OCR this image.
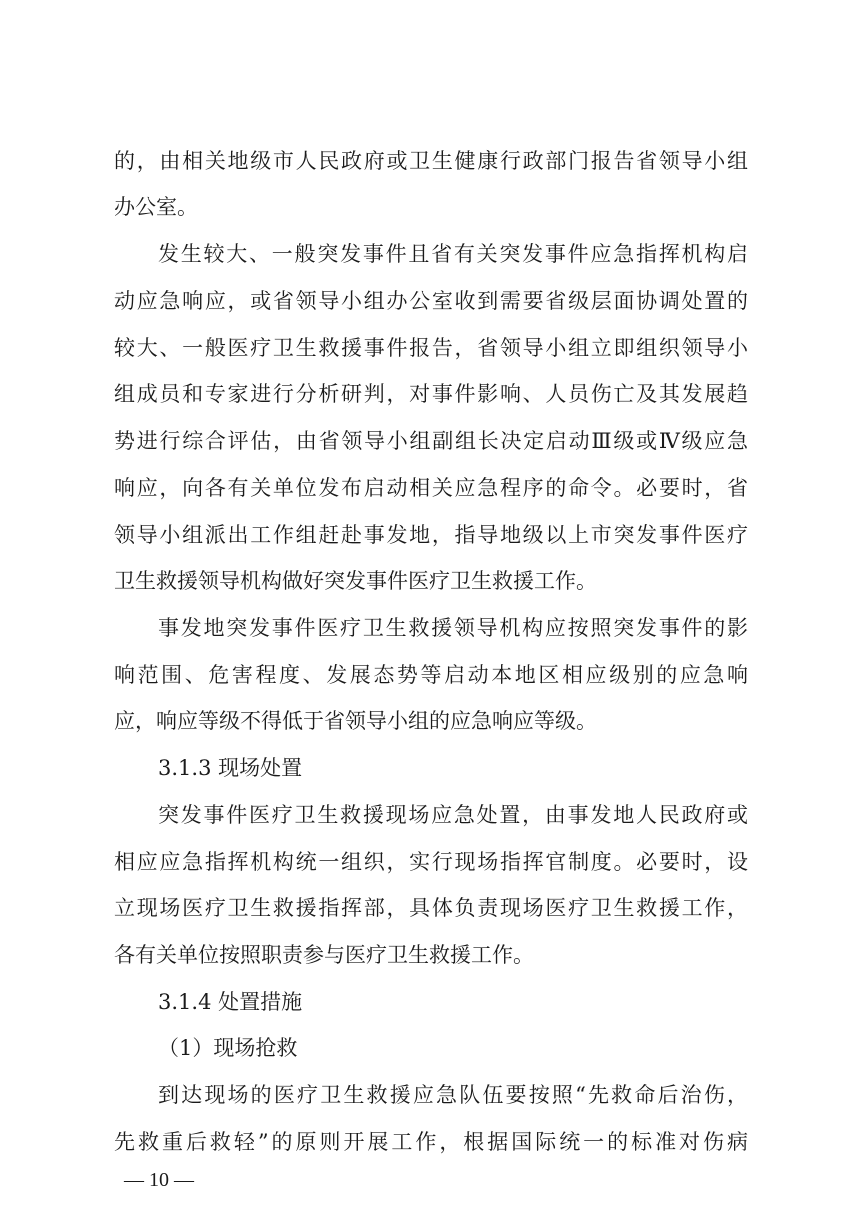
的，由相关地级市人民政府或卫生健康行政部门报告省领导小组
办公室。
发生较大、一般突发事件且省有关突发事件应急指挥机构启
动应急响应，或省领导小组办公室收到需要省级层面协调处置的
较大、一般医疗卫生救援事件报告，省领导小组立即组织领导小
组成员和专家进行分析研判，对事件影响、人员伤亡及其发展趋
势进行综合评估，由省领导小组副组长决定启动Ⅲ级或Ⅳ级应急
响应，向各有关单位发布启动相关应急程序的命令。必要时，省
领导小组派出工作组赶赴事发地，指导地级以上市突发事件医疗
卫生救援领导机构做好突发事件医疗卫生救援工作。
事发地突发事件医疗卫生救援领导机构应按照突发事件的影
响范围、危害程度、发展态势等启动本地区相应级别的应急响
应，响应等级不得低于省领导小组的应急响应等级。
3.1.3 现场处置
突发事件医疗卫生救援现场应急处置，由事发地人民政府或
相应应急指挥机构统一组织，实行现场指挥官制度。必要时，设
立现场医疗卫生救援指挥部，具体负责现场医疗卫生救援工作，
各有关单位按照职责参与医疗卫生救援工作。
3.1.4 处置措施
（1）现场抢救
到达现场的医疗卫生救援应急队伍要按照“先救命后治伤，
先救重后救轻”的原则开展工作，根据国际统一的标准对伤病
— 10 —
